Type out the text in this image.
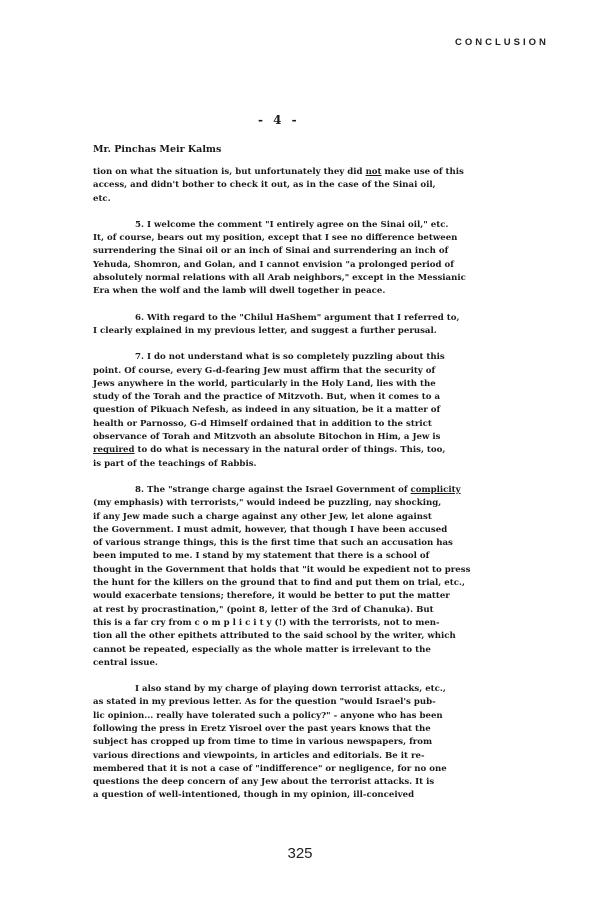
CONCLUSION
- 4 -
Mr. Pinchas Meir Kalms
tion on what the situation is, but unfortunately they did not make use of this
access, and didn't bother to check it out, as in the case of the Sinai oil,
etc.
5. I welcome the comment "I entirely agree on the Sinai oil," etc.
It, of course, bears out my position, except that I see no difference between
surrendering the Sinai oil or an inch of Sinai and surrendering an inch of
Yehuda, Shomron, and Golan, and I cannot envision "a prolonged period of
absolutely normal relations with all Arab neighbors," except in the Messianic
Era when the wolf and the lamb will dwell together in peace.
6. With regard to the "Chilul HaShem" argument that I referred to,
I clearly explained in my previous letter, and suggest a further perusal.
7. I do not understand what is so completely puzzling about this
point. Of course, every G-d-fearing Jew must affirm that the security of
Jews anywhere in the world, particularly in the Holy Land, lies with the
study of the Torah and the practice of Mitzvoth. But, when it comes to a
question of Pikuach Nefesh, as indeed in any situation, be it a matter of
health or Parnosso, G-d Himself ordained that in addition to the strict
observance of Torah and Mitzvoth an absolute Bitochon in Him, a Jew is
required to do what is necessary in the natural order of things. This, too,
is part of the teachings of Rabbis.
8. The "strange charge against the Israel Government of complicity
(my emphasis) with terrorists," would indeed be puzzling, nay shocking,
if any Jew made such a charge against any other Jew, let alone against
the Government. I must admit, however, that though I have been accused
of various strange things, this is the first time that such an accusation has
been imputed to me. I stand by my statement that there is a school of
thought in the Government that holds that "it would be expedient not to press
the hunt for the killers on the ground that to find and put them on trial, etc.,
would exacerbate tensions; therefore, it would be better to put the matter
at rest by procrastination," (point 8, letter of the 3rd of Chanuka). But
this is a far cry from c o m p l i c i t y (!) with the terrorists, not to men-
tion all the other epithets attributed to the said school by the writer, which
cannot be repeated, especially as the whole matter is irrelevant to the
central issue.
I also stand by my charge of playing down terrorist attacks, etc.,
as stated in my previous letter. As for the question "would Israel's pub-
lic opinion... really have tolerated such a policy?" - anyone who has been
following the press in Eretz Yisroel over the past years knows that the
subject has cropped up from time to time in various newspapers, from
various directions and viewpoints, in articles and editorials. Be it re-
membered that it is not a case of "indifference" or negligence, for no one
questions the deep concern of any Jew about the terrorist attacks. It is
a question of well-intentioned, though in my opinion, ill-conceived
325
